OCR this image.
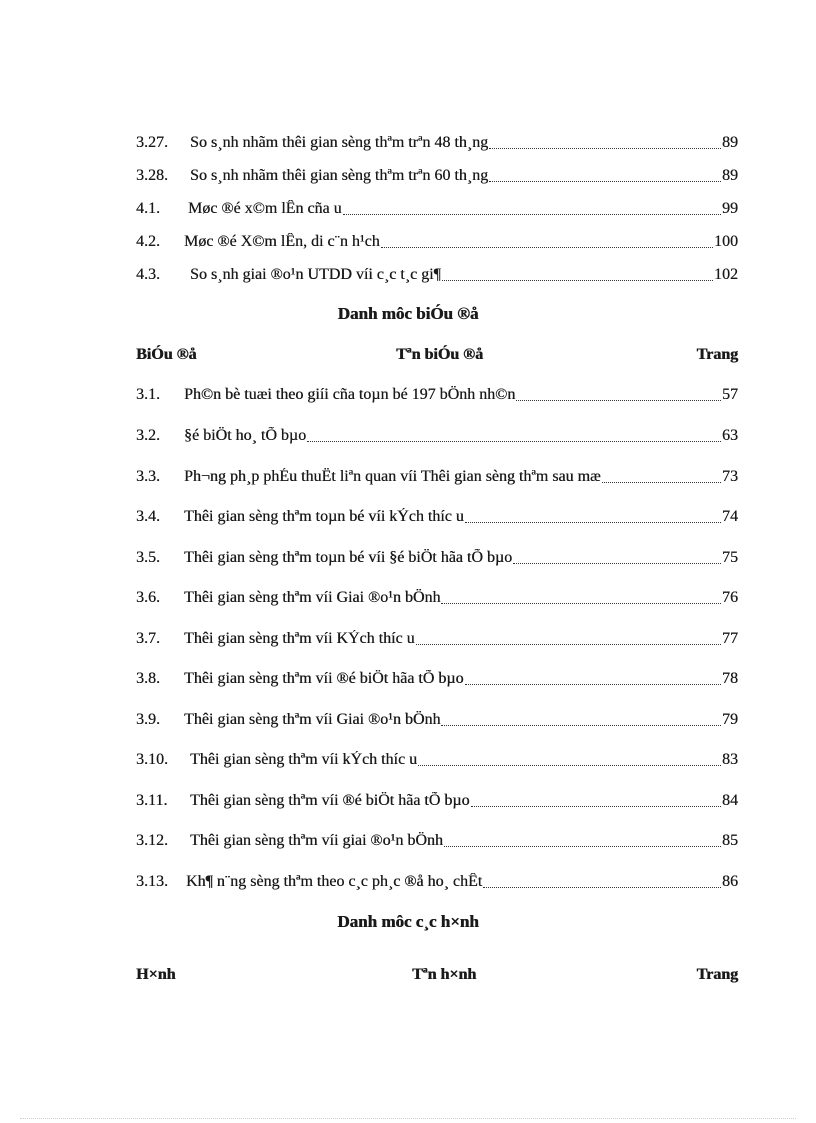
3.27.	So s¸nh nhãm thêi gian sèng thªm trªn 48 th¸ng	89
3.28.	So s¸nh nhãm thêi gian sèng thªm trªn 60 th¸ng	89
4.1.	Møc ®é x©m lÊn cña u	99
4.2.	Møc ®é X©m lÊn, di c¨n h¹ch	100
4.3.	So s¸nh giai ®o¹n UTDD víi c¸c t¸c gi¶	102
Danh môc biÓu ®å
BiÓu ®å	Tªn biÓu ®å	Trang
3.1.	Ph©n bè tuæi theo giíi cña toµn bé 197 bÖnh nh©n	57
3.2.	§é biÖt ho¸ tÕ bµo	63
3.3.	Ph¬ng ph¸p phÉu thuËt liªn quan víi Thêi gian sèng thªm sau mæ	73
3.4.	Thêi gian sèng thªm toµn bé víi kÝch thíc u	74
3.5.	Thêi gian sèng thªm toµn bé víi §é biÖt hãa tÕ bµo	75
3.6.	Thêi gian sèng thªm víi Giai ®o¹n bÖnh	76
3.7.	Thêi gian sèng thªm víi KÝch thíc u	77
3.8.	Thêi gian sèng thªm víi ®é biÖt hãa tÕ bµo	78
3.9.	Thêi gian sèng thªm víi Giai ®o¹n bÖnh	79
3.10.	Thêi gian sèng thªm víi kÝch thíc u	83
3.11.	Thêi gian sèng thªm víi ®é biÖt hãa tÕ bµo	84
3.12.	Thêi gian sèng thªm víi giai ®o¹n bÖnh	85
3.13.	Kh¶ n¨ng sèng thªm theo c¸c ph¸c ®å ho¸ chÊt	86
Danh môc c¸c h×nh
H×nh	Tªn h×nh	Trang
